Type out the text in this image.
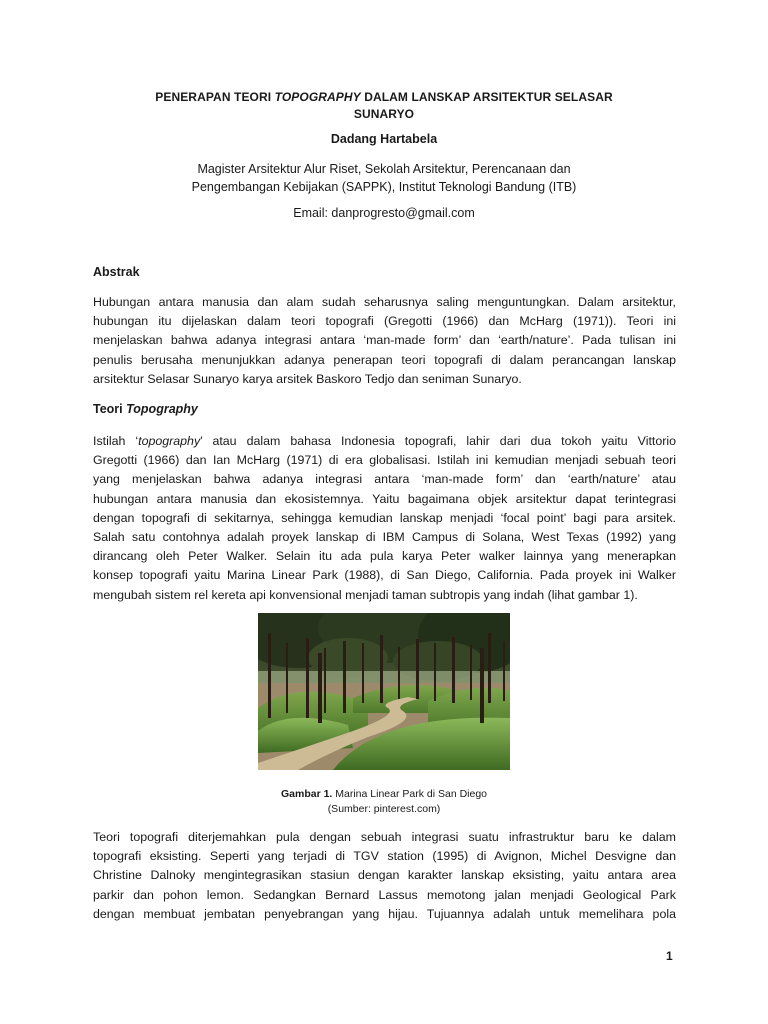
PENERAPAN TEORI TOPOGRAPHY DALAM LANSKAP ARSITEKTUR SELASAR
SUNARYO
Dadang Hartabela
Magister Arsitektur Alur Riset, Sekolah Arsitektur, Perencanaan dan
Pengembangan Kebijakan (SAPPK), Institut Teknologi Bandung (ITB)
Email: danprogresto@gmail.com
Abstrak
Hubungan antara manusia dan alam sudah seharusnya saling menguntungkan. Dalam arsitektur,
hubungan itu dijelaskan dalam teori topografi (Gregotti (1966) dan McHarg (1971)). Teori ini
menjelaskan bahwa adanya integrasi antara ‘man-made form’ dan ‘earth/nature’. Pada tulisan ini
penulis berusaha menunjukkan adanya penerapan teori topografi di dalam perancangan lanskap
arsitektur Selasar Sunaryo karya arsitek Baskoro Tedjo dan seniman Sunaryo.
Teori Topography
Istilah ‘topography’ atau dalam bahasa Indonesia topografi, lahir dari dua tokoh yaitu Vittorio
Gregotti (1966) dan Ian McHarg (1971) di era globalisasi. Istilah ini kemudian menjadi sebuah teori
yang menjelaskan bahwa adanya integrasi antara ‘man-made form’ dan ‘earth/nature’ atau
hubungan antara manusia dan ekosistemnya. Yaitu bagaimana objek arsitektur dapat terintegrasi
dengan topografi di sekitarnya, sehingga kemudian lanskap menjadi ‘focal point’ bagi para arsitek.
Salah satu contohnya adalah proyek lanskap di IBM Campus di Solana, West Texas (1992) yang
dirancang oleh Peter Walker. Selain itu ada pula karya Peter walker lainnya yang menerapkan
konsep topografi yaitu Marina Linear Park (1988), di San Diego, California. Pada proyek ini Walker
mengubah sistem rel kereta api konvensional menjadi taman subtropis yang indah (lihat gambar 1).
Gambar 1. Marina Linear Park di San Diego
(Sumber: pinterest.com)
Teori topografi diterjemahkan pula dengan sebuah integrasi suatu infrastruktur baru ke dalam
topografi eksisting. Seperti yang terjadi di TGV station (1995) di Avignon, Michel Desvigne dan
Christine Dalnoky mengintegrasikan stasiun dengan karakter lanskap eksisting, yaitu antara area
parkir dan pohon lemon. Sedangkan Bernard Lassus memotong jalan menjadi Geological Park
dengan membuat jembatan penyebrangan yang hijau. Tujuannya adalah untuk memelihara pola
1
